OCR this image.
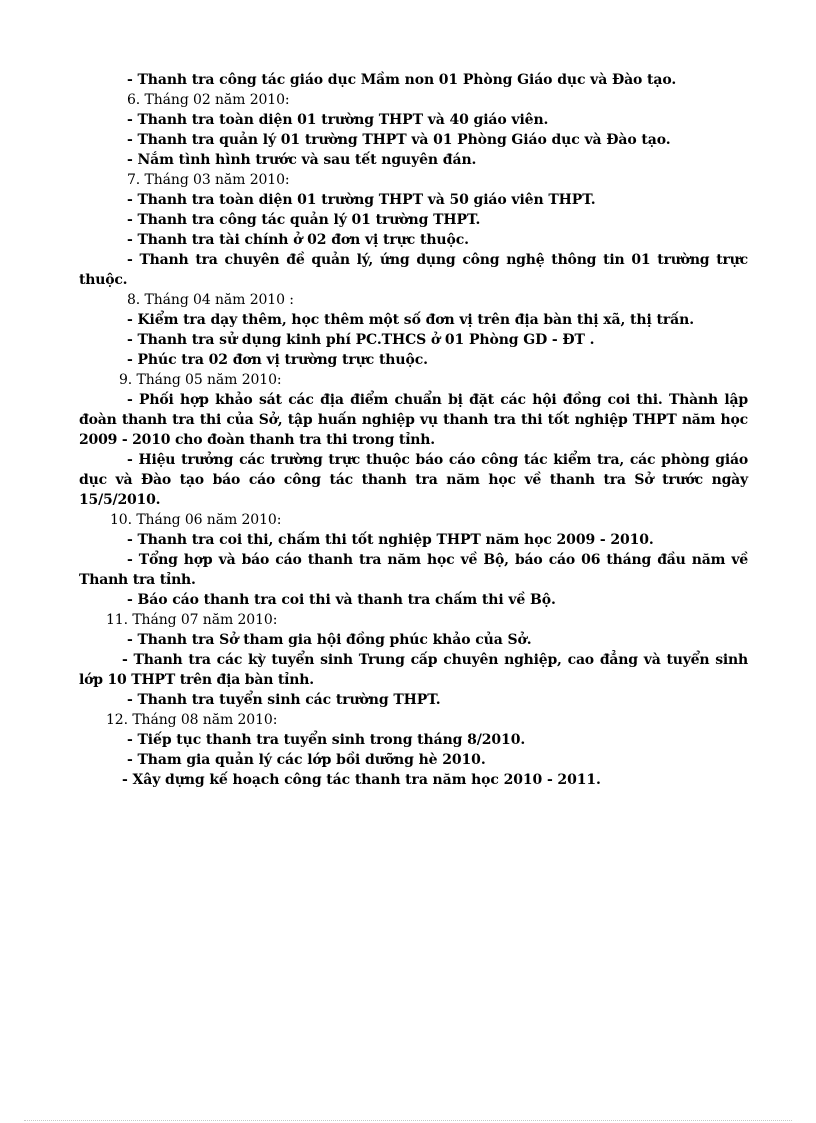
- Thanh tra công tác giáo dục Mầm non 01 Phòng Giáo dục và Đào tạo.
6. Tháng 02 năm 2010:
- Thanh tra toàn diện 01 trường THPT và 40 giáo viên.
- Thanh tra quản lý 01 trường THPT và 01 Phòng Giáo dục và Đào tạo.
- Nắm tình hình trước và sau tết nguyên đán.
7. Tháng 03 năm 2010:
- Thanh tra toàn diện 01 trường THPT và 50 giáo viên THPT.
- Thanh tra công tác quản lý 01 trường THPT.
- Thanh tra tài chính ở 02 đơn vị trực thuộc.
- Thanh tra chuyên đề quản lý, ứng dụng công nghệ thông tin 01 trường trực thuộc.
8. Tháng 04 năm 2010 :
- Kiểm tra dạy thêm, học thêm một số đơn vị trên địa bàn thị xã, thị trấn.
- Thanh tra sử dụng kinh phí PC.THCS ở 01 Phòng GD - ĐT .
- Phúc tra 02 đơn vị trường trực thuộc.
9. Tháng 05 năm 2010:
- Phối hợp khảo sát các địa điểm chuẩn bị đặt các hội đồng coi thi. Thành lập đoàn thanh tra thi của Sở, tập huấn nghiệp vụ thanh tra thi tốt nghiệp THPT năm học 2009 - 2010 cho đoàn thanh tra thi trong tỉnh.
- Hiệu trưởng các trường trực thuộc báo cáo công tác kiểm tra, các phòng giáo dục và Đào tạo báo cáo công tác thanh tra năm học về thanh tra Sở trước ngày 15/5/2010.
10. Tháng 06 năm 2010:
- Thanh tra coi thi, chấm thi tốt nghiệp THPT năm học 2009 - 2010.
- Tổng hợp và báo cáo thanh tra năm học về Bộ, báo cáo 06 tháng đầu năm về Thanh tra tỉnh.
- Báo cáo thanh tra coi thi và thanh tra chấm thi về Bộ.
11. Tháng 07 năm 2010:
- Thanh tra Sở tham gia hội đồng phúc khảo của Sở.
- Thanh tra các kỳ tuyển sinh Trung cấp chuyên nghiệp, cao đẳng và tuyển sinh lớp 10 THPT trên địa bàn tỉnh.
- Thanh tra tuyển sinh các trường THPT.
12. Tháng 08 năm 2010:
- Tiếp tục thanh tra tuyển sinh trong tháng 8/2010.
- Tham gia quản lý các lớp bồi dưỡng hè 2010.
- Xây dựng kế hoạch công tác thanh tra năm học 2010 - 2011.
